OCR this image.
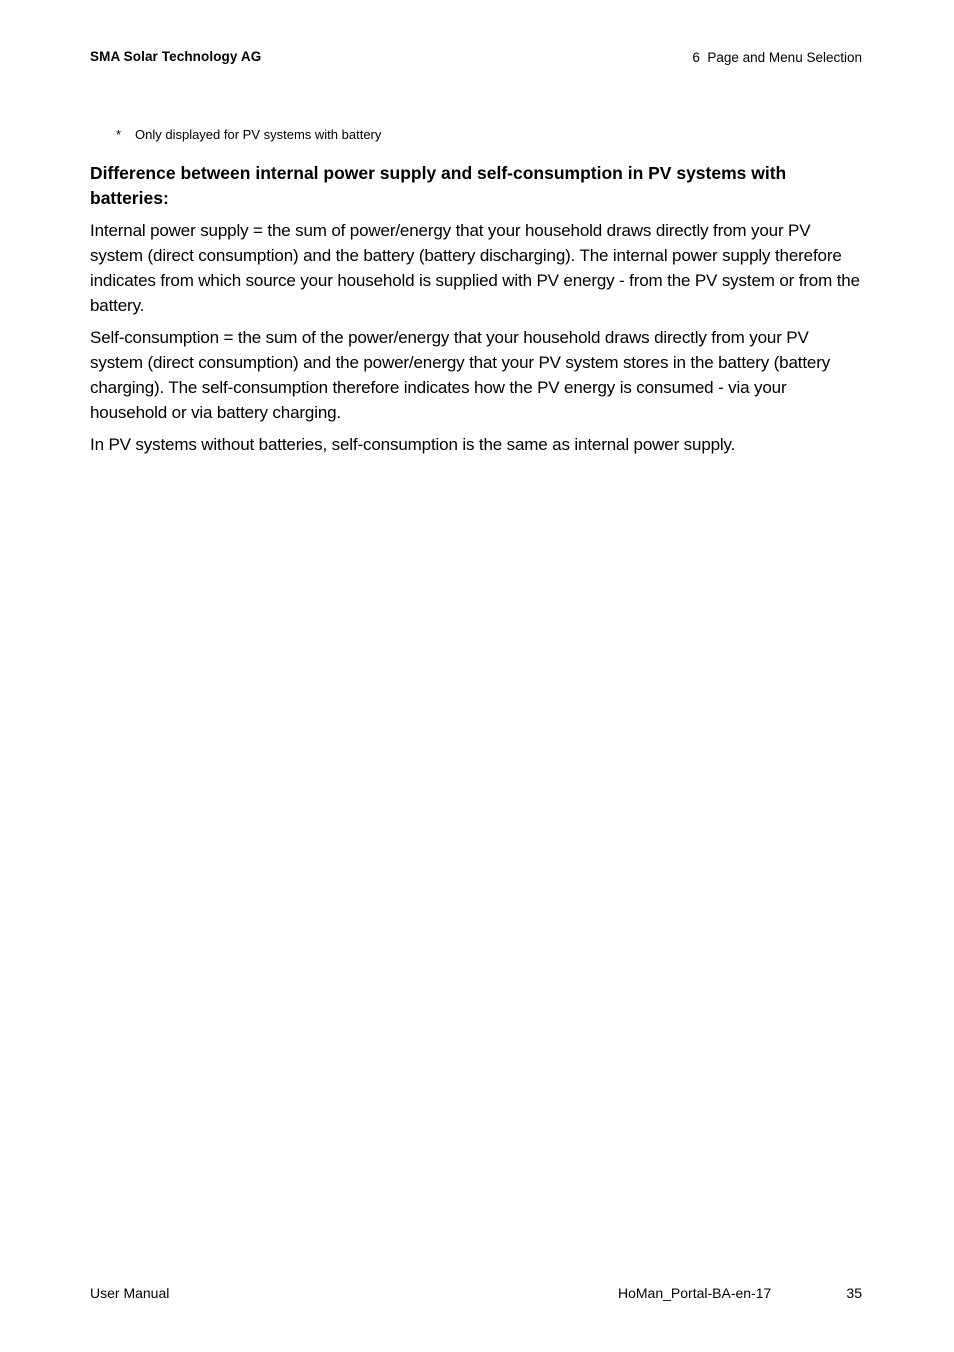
SMA Solar Technology AG	6 Page and Menu Selection
* Only displayed for PV systems with battery
Difference between internal power supply and self-consumption in PV systems with batteries:

Internal power supply = the sum of power/energy that your household draws directly from your PV system (direct consumption) and the battery (battery discharging). The internal power supply therefore indicates from which source your household is supplied with PV energy - from the PV system or from the battery.

Self-consumption = the sum of the power/energy that your household draws directly from your PV system (direct consumption) and the power/energy that your PV system stores in the battery (battery charging). The self-consumption therefore indicates how the PV energy is consumed - via your household or via battery charging.

In PV systems without batteries, self-consumption is the same as internal power supply.

User Manual	HoMan_Portal-BA-en-17	35
